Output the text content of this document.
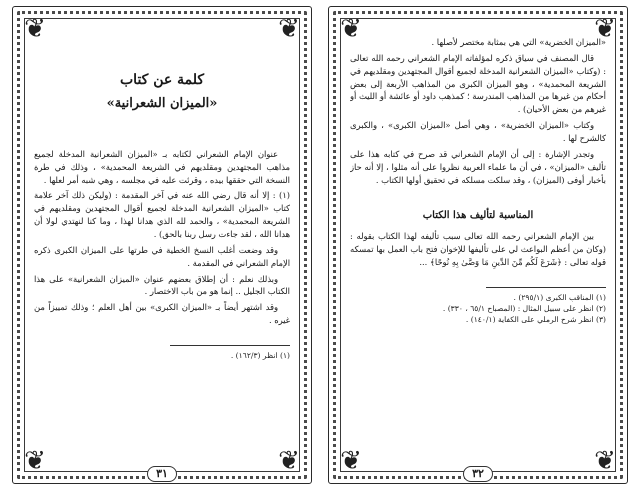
❦	❦
❦	❦
كلمة عن كتاب
«الميزان الشعرانية»

عنوان الإمام الشعراني لكتابه بـ «الميزان الشعرانية المدخلة لجميع مذاهب المجتهدين ومقلديهم في الشريعة المحمدية» ، وذلك في طرة النسخة التي حققها بيده ، وقرئت عليه في مجلسه ، وهي شبه أمر لعلها .

(١) : إلا أنه قال رضي الله عنه في آخر المقدمة : (وليكن ذلك آخر علامة كتاب «الميزان الشعرانية المدخلة لجميع أقوال المجتهدين ومقلديهم في الشريعة المحمدية» ، والحمد لله الذي هدانا لهذا ، وما كنا لنهتدي لولا أن هدانا الله ، لقد جاءت رسل ربنا بالحق) .

وقد وضعت أغلب النسخ الخطية في طرتها على الميزان الكبرى ذكره الإمام الشعراني في المقدمة .

وبذلك نعلم : أن إطلاق بعضهم عنوان «الميزان الشعرانية» على هذا الكتاب الجليل .. إنما هو من باب الاختصار .

وقد اشتهر أيضاً بـ «الميزان الكبرى» بين أهل العلم ؛ وذلك تمييزاً من غيره .

(١) انظر (١٦٢/٣) .
٣١
❦	❦
❦	❦

«الميزان الخضرية» التي هي بمثابة مختصر لأصلها .

قال المصنف في سياق ذكره لمؤلفاته الإمام الشعراني رحمه الله تعالى : (وكتاب «الميزان الشعرانية المدخلة لجميع أقوال المجتهدين ومقلديهم في الشريعة المحمدية» ، وهو الميزان الكبرى من المذاهب الأربعة إلى بعض أحكام من غيرها من المذاهب المندرسة ؛ كمذهب داود أو عائشة أو الليث أو غيرهم من بعض الأحيان) .

وكتاب «الميزان الخضرية» ، وهي أصل «الميزان الكبرى» ، والكبرى كالشرح لها .

وتجدر الإشارة : إلى أن الإمام الشعراني قد صرح في كتابه هذا على تأليف «الميزان» ، في أن ما علماء العربية نظروا على أنه مثلوا ، إلا أنه حاز بأخبار أوفى (الميزان) ، وقد سلكت مسلكه في تحقيق أولها الكتاب .

المناسبة لتأليف هذا الكتاب

بين الإمام الشعراني رحمه الله تعالى سبب تأليفه لهذا الكتاب بقوله : (وكان من أعظم البواعث لي على تأليفها للإخوان فتح باب العمل بها تمسكه قوله تعالى : ﴿شَرَعَ لَكُم مِّنَ الدِّينِ مَا وَصَّىٰ بِهِ نُوحًا﴾ ...

(١) المناقب الكبرى (٢٩٥/١) .
(٢) انظر على سبيل المثال : (المصباح ٦٥/١ ، ٣٣٠) .
(٣) انظر شرح الرملي على الكفاية (١٤٠/١) .
٣٢
